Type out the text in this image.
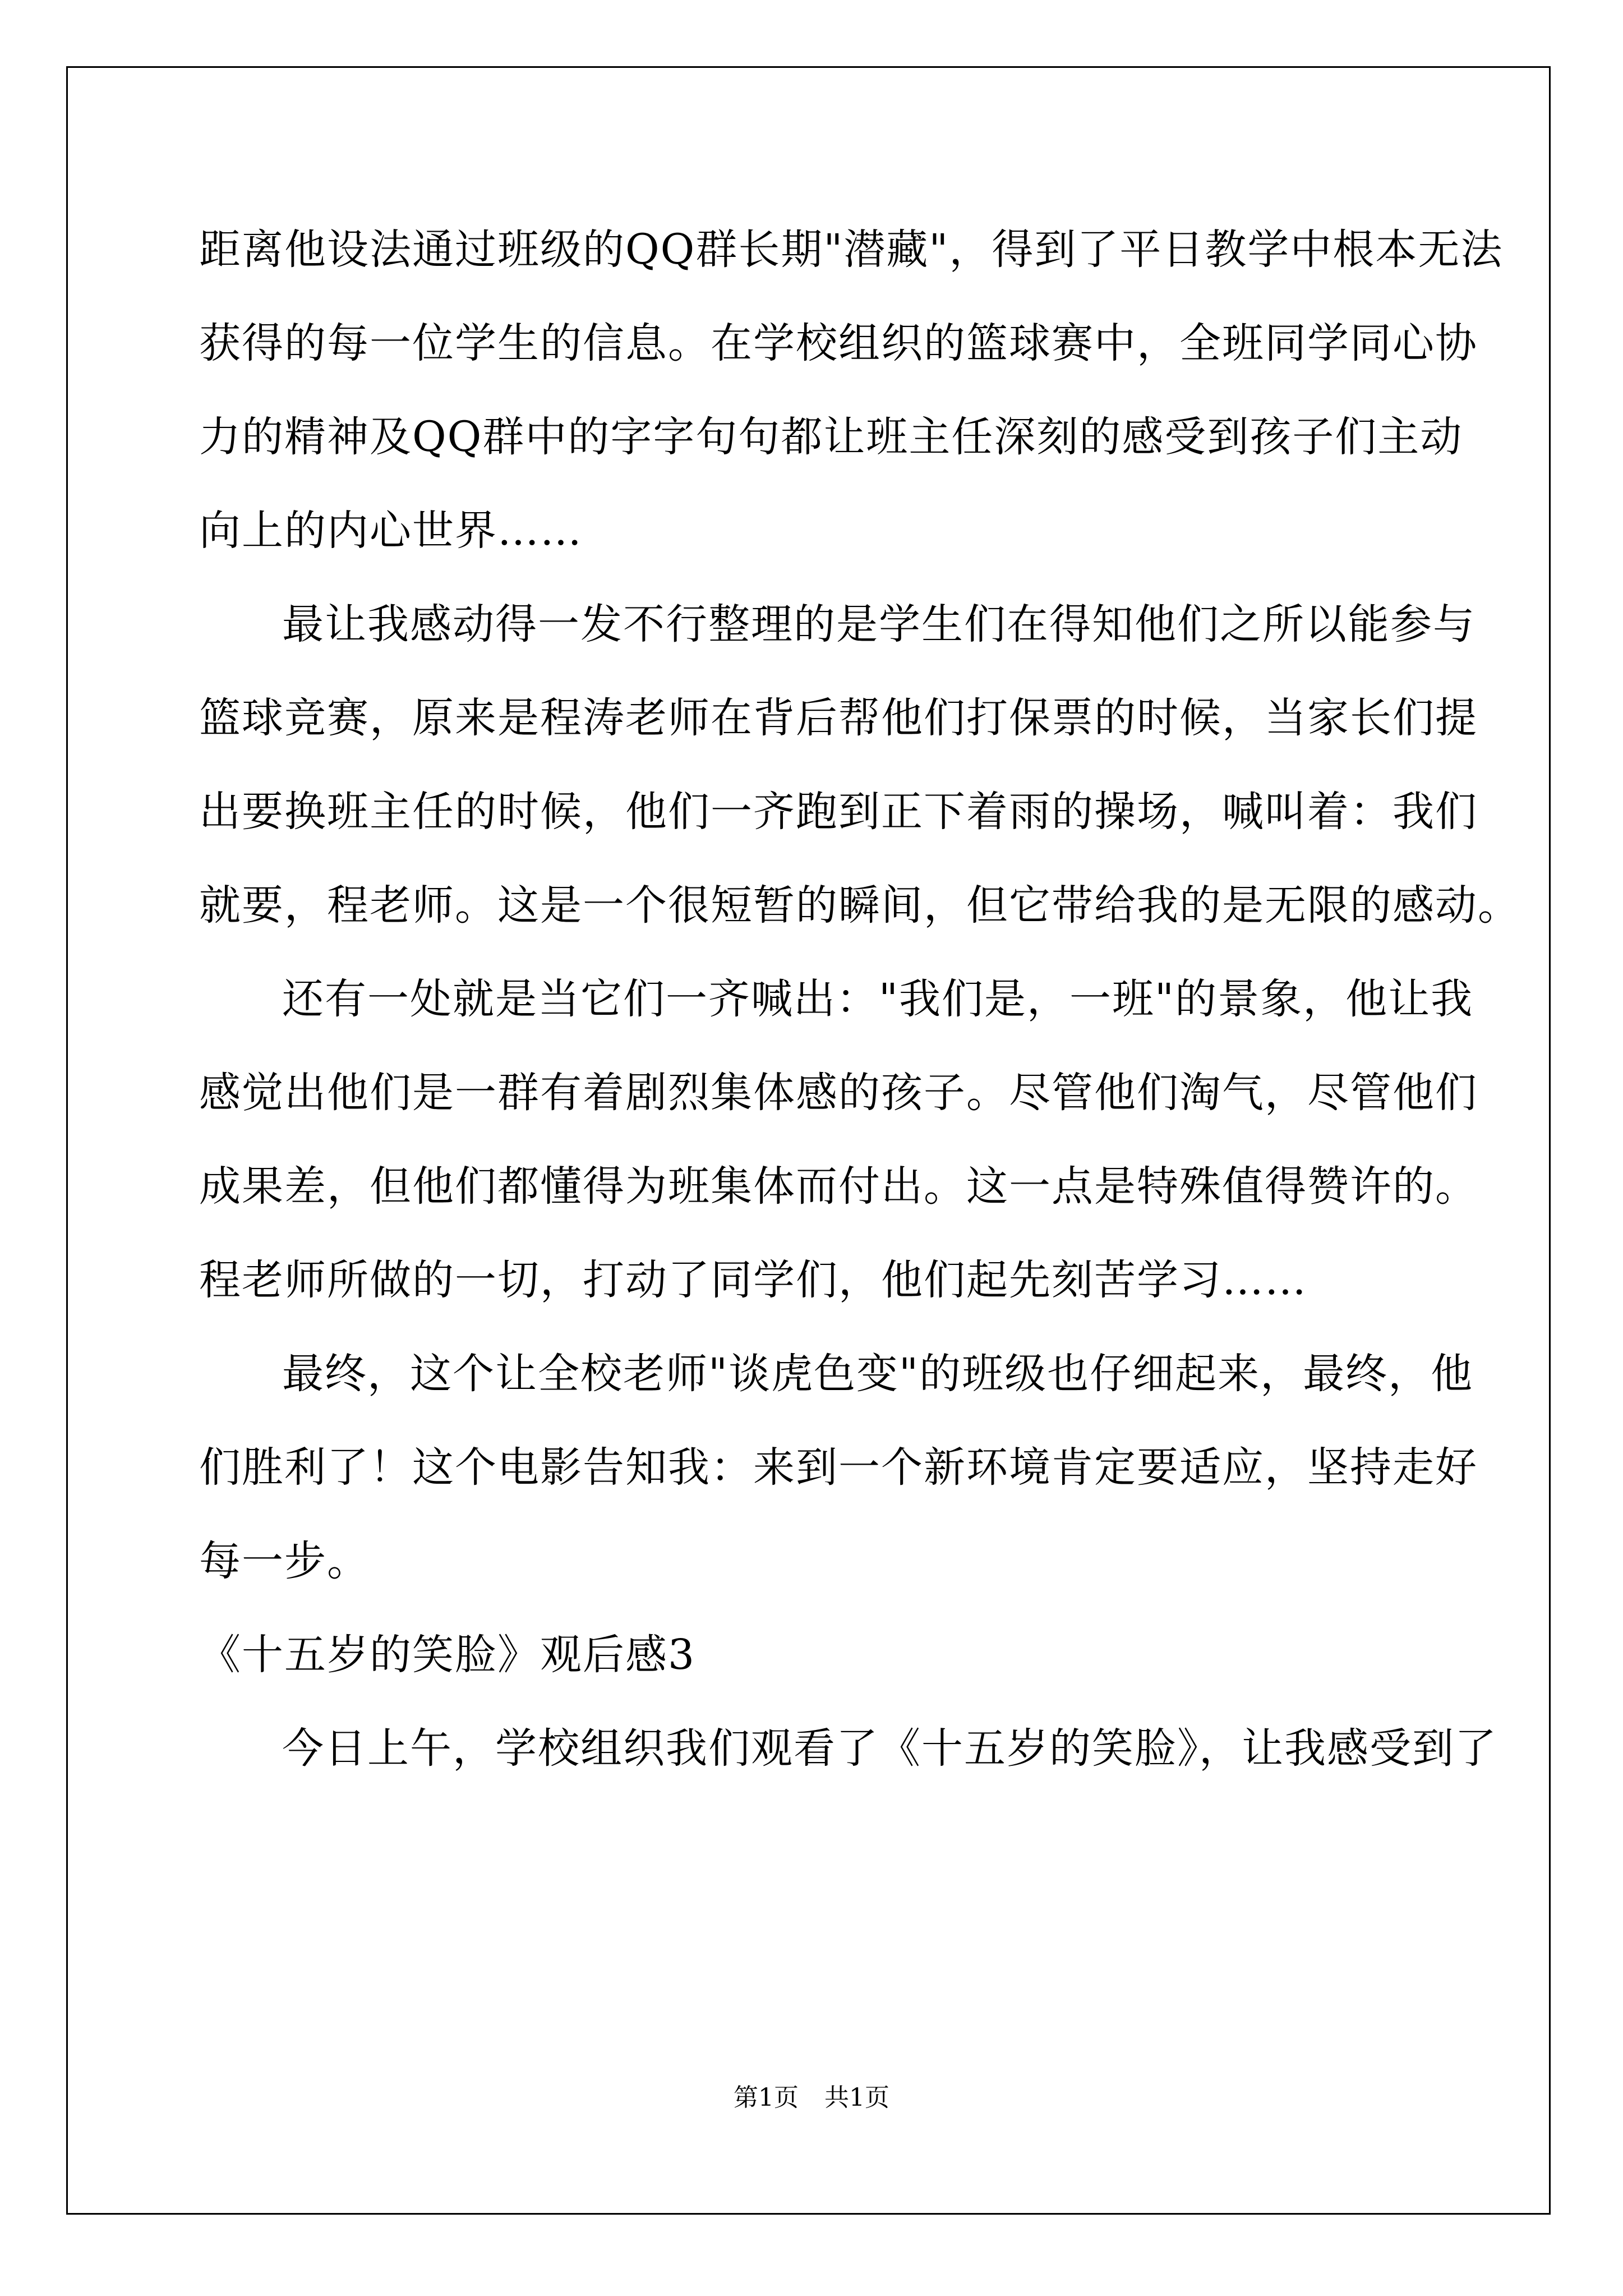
距离他设法通过班级的QQ群长期"潜藏"，得到了平日教学中根本无法
获得的每一位学生的信息。在学校组织的篮球赛中，全班同学同心协
力的精神及QQ群中的字字句句都让班主任深刻的感受到孩子们主动
向上的内心世界……
最让我感动得一发不行整理的是学生们在得知他们之所以能参与
篮球竞赛，原来是程涛老师在背后帮他们打保票的时候，当家长们提
出要换班主任的时候，他们一齐跑到正下着雨的操场，喊叫着：我们
就要，程老师。这是一个很短暂的瞬间，但它带给我的是无限的感动。
还有一处就是当它们一齐喊出："我们是，一班"的景象，他让我
感觉出他们是一群有着剧烈集体感的孩子。尽管他们淘气，尽管他们
成果差，但他们都懂得为班集体而付出。这一点是特殊值得赞许的。
程老师所做的一切，打动了同学们，他们起先刻苦学习……
最终，这个让全校老师"谈虎色变"的班级也仔细起来，最终，他
们胜利了！这个电影告知我：来到一个新环境肯定要适应，坚持走好
每一步。
《十五岁的笑脸》观后感3
今日上午，学校组织我们观看了《十五岁的笑脸》，让我感受到了
第1页 共1页
